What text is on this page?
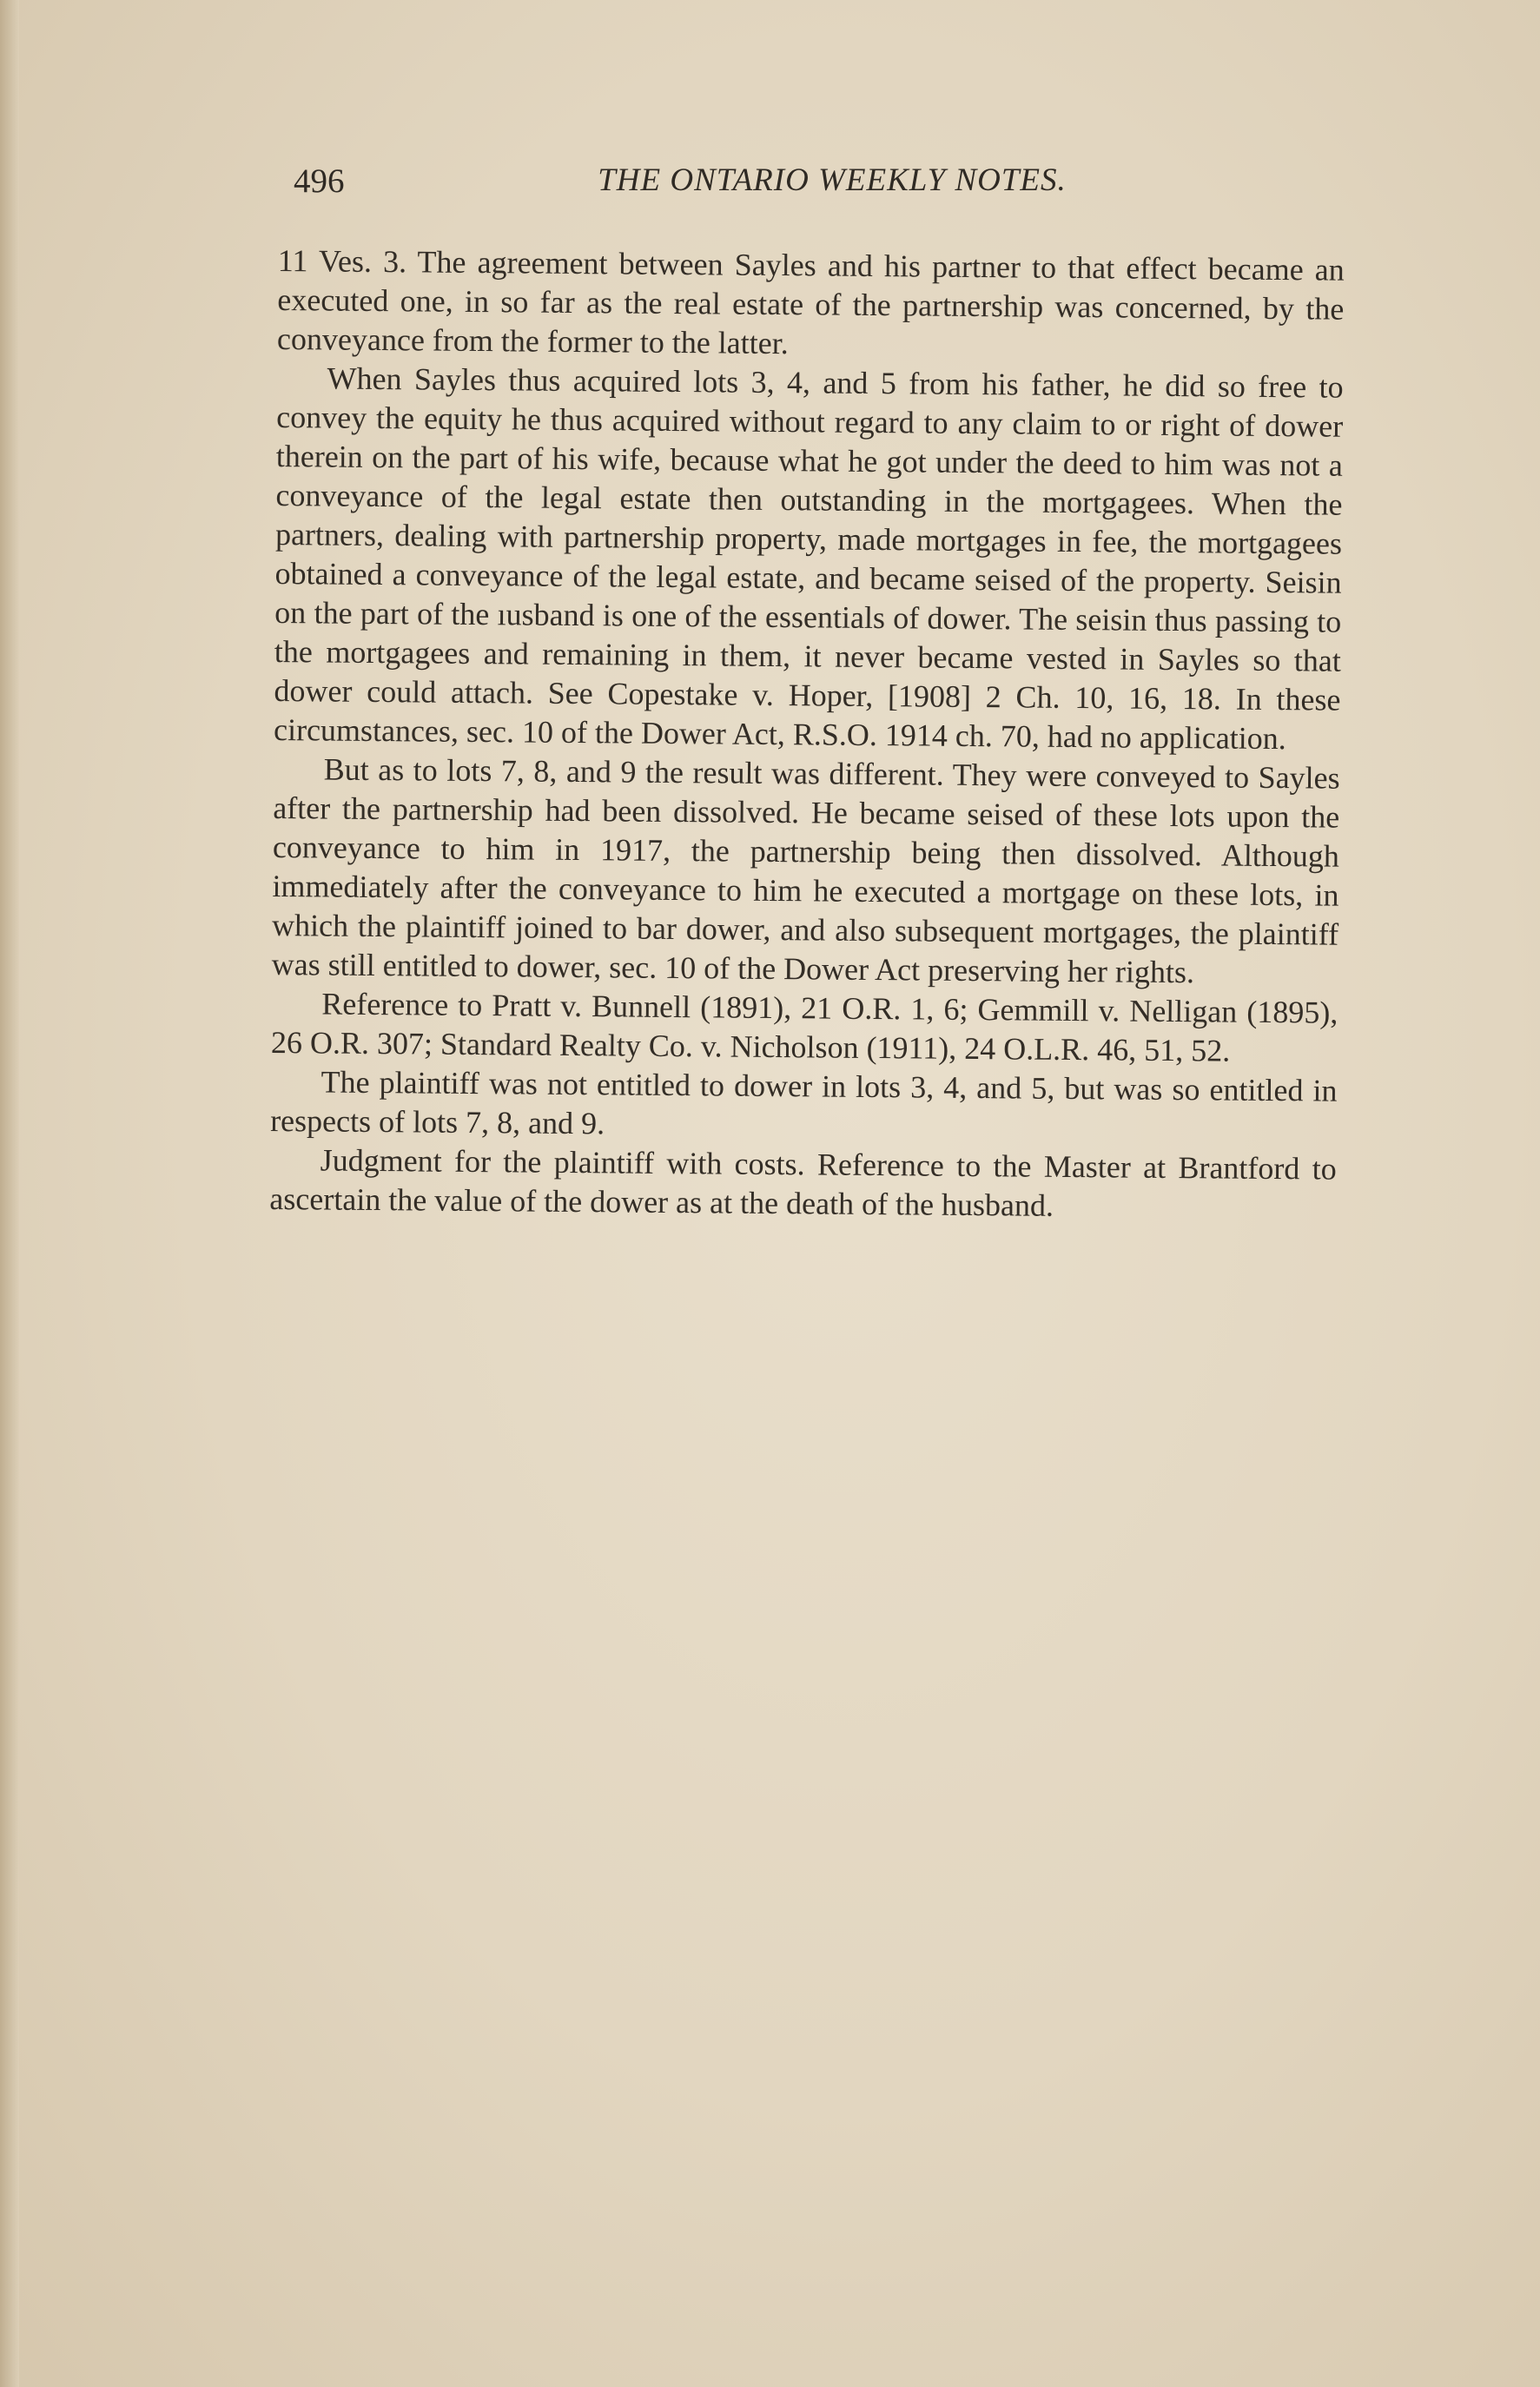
496	THE ONTARIO WEEKLY NOTES.

11 Ves. 3. The agreement between Sayles and his partner to that effect became an executed one, in so far as the real estate of the partnership was concerned, by the conveyance from the former to the latter.

When Sayles thus acquired lots 3, 4, and 5 from his father, he did so free to convey the equity he thus acquired without regard to any claim to or right of dower therein on the part of his wife, because what he got under the deed to him was not a conveyance of the legal estate then outstanding in the mortgagees. When the partners, dealing with partnership property, made mortgages in fee, the mortgagees obtained a conveyance of the legal estate, and became seised of the property. Seisin on the part of the ıusband is one of the essentials of dower. The seisin thus passing to the mortgagees and remaining in them, it never became vested in Sayles so that dower could attach. See Copestake v. Hoper, [1908] 2 Ch. 10, 16, 18. In these circumstances, sec. 10 of the Dower Act, R.S.O. 1914 ch. 70, had no application.

But as to lots 7, 8, and 9 the result was different. They were conveyed to Sayles after the partnership had been dissolved. He became seised of these lots upon the conveyance to him in 1917, the partnership being then dissolved. Although immediately after the conveyance to him he executed a mortgage on these lots, in which the plaintiff joined to bar dower, and also subsequent mortgages, the plaintiff was still entitled to dower, sec. 10 of the Dower Act preserving her rights.

Reference to Pratt v. Bunnell (1891), 21 O.R. 1, 6; Gemmill v. Nelligan (1895), 26 O.R. 307; Standard Realty Co. v. Nicholson (1911), 24 O.L.R. 46, 51, 52.

The plaintiff was not entitled to dower in lots 3, 4, and 5, but was so entitled in respects of lots 7, 8, and 9.

Judgment for the plaintiff with costs. Reference to the Master at Brantford to ascertain the value of the dower as at the death of the husband.
